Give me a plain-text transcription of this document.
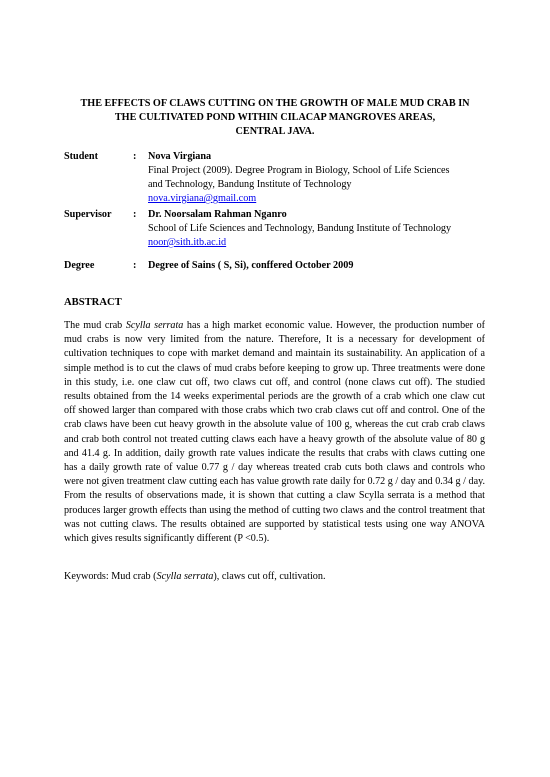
THE EFFECTS OF CLAWS CUTTING ON THE GROWTH OF MALE MUD CRAB IN
THE CULTIVATED POND WITHIN CILACAP MANGROVES AREAS,
CENTRAL JAVA.
Student	: Nova Virgiana
Final Project (2009). Degree Program in Biology, School of Life Sciences
and Technology, Bandung Institute of Technology
nova.virgiana@gmail.com
Supervisor : Dr. Noorsalam Rahman Nganro
School of Life Sciences and Technology, Bandung Institute of Technology
noor@sith.itb.ac.id
Degree	: Degree of Sains ( S, Si), conffered October 2009
ABSTRACT
The mud crab Scylla serrata has a high market economic value. However, the production number of mud crabs is now very limited from the nature. Therefore, It is a necessary for development of cultivation techniques to cope with market demand and maintain its sustainability. An application of a simple method is to cut the claws of mud crabs before keeping to grow up. Three treatments were done in this study, i.e. one claw cut off, two claws cut off, and control (none claws cut off). The studied results obtained from the 14 weeks experimental periods are the growth of a crab which one claw cut off showed larger than compared with those crabs which two crab claws cut off and control. One of the crab claws have been cut heavy growth in the absolute value of 100 g, whereas the cut crab crab claws and crab both control not treated cutting claws each have a heavy growth of the absolute value of 80 g and 41.4 g. In addition, daily growth rate values indicate the results that crabs with claws cutting one has a daily growth rate of value 0.77 g / day whereas treated crab cuts both claws and controls who were not given treatment claw cutting each has value growth rate daily for 0.72 g / day and 0.34 g / day. From the results of observations made, it is shown that cutting a claw Scylla serrata is a method that produces larger growth effects than using the method of cutting two claws and the control treatment that was not cutting claws. The results obtained are supported by statistical tests using one way ANOVA which gives results significantly different (P <0.5).
Keywords: Mud crab (Scylla serrata), claws cut off, cultivation.
